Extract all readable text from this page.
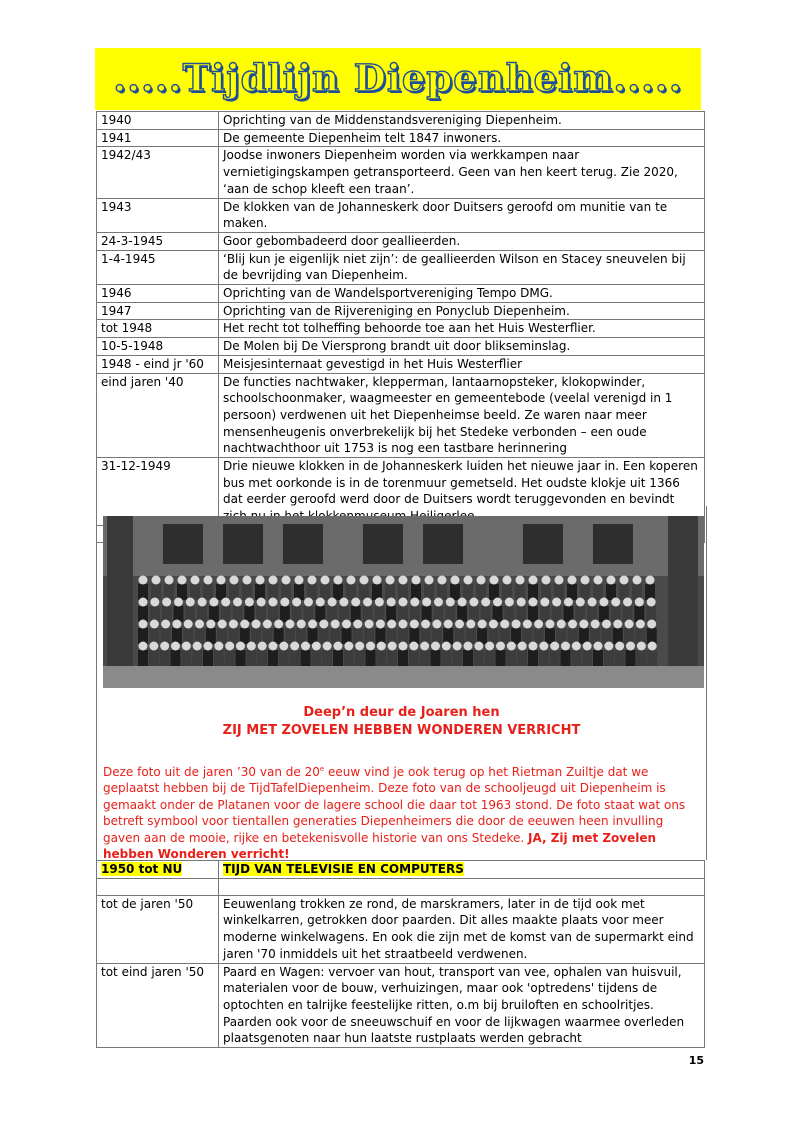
.....Tijdlijn Diepenheim.....
1940	Oprichting van de Middenstandsvereniging Diepenheim.
1941	De gemeente Diepenheim telt 1847 inwoners.
1942/43	Joodse inwoners Diepenheim worden via werkkampen naar vernietigingskampen getransporteerd. Geen van hen keert terug. Zie 2020, ‘aan de schop kleeft een traan’.
1943	De klokken van de Johanneskerk door Duitsers geroofd om munitie van te maken.
24-3-1945	Goor gebombadeerd door geallieerden.
1-4-1945	‘Blij kun je eigenlijk niet zijn’: de geallieerden Wilson en Stacey sneuvelen bij de bevrijding van Diepenheim.
1946	Oprichting van de Wandelsportvereniging Tempo DMG.
1947	Oprichting van de Rijvereniging en Ponyclub Diepenheim.
tot 1948	Het recht tot tolheffing behoorde toe aan het Huis Westerflier.
10-5-1948	De Molen bij De Viersprong brandt uit door blikseminslag.
1948 - eind jr '60	Meisjesinternaat gevestigd in het Huis Westerflier
eind jaren '40	De functies nachtwaker, klepperman, lantaarnopsteker, klokopwinder, schoolschoonmaker, waagmeester en gemeentebode (veelal verenigd in 1 persoon) verdwenen uit het Diepenheimse beeld. Ze waren naar meer mensenheugenis onverbrekelijk bij het Stedeke verbonden – een oude nachtwachthoor uit 1753 is nog een tastbare herinnering
31-12-1949	Drie nieuwe klokken in de Johanneskerk luiden het nieuwe jaar in. Een koperen bus met oorkonde is in de torenmuur gemetseld. Het oudste klokje uit 1366 dat eerder geroofd werd door de Duitsers wordt teruggevonden en bevindt

Deep’n deur de Joaren hen
ZIJ MET ZOVELEN HEBBEN WONDEREN VERRICHT
Deze foto uit de jaren ’30 van de 20e eeuw vind je ook terug op het Rietman Zuiltje dat we geplaatst hebben bij de TijdTafelDiepenheim. Deze foto van de schooljeugd uit Diepenheim is gemaakt onder de Platanen voor de lagere school die daar tot 1963 stond. De foto staat wat ons betreft symbool voor tientallen generaties Diepenheimers die door de eeuwen heen invulling gaven aan de mooie, rijke en betekenisvolle historie van ons Stedeke. JA, Zij met Zovelen hebben Wonderen verricht!
1950 tot NU	TIJD VAN TELEVISIE EN COMPUTERS

tot de jaren '50	Eeuwenlang trokken ze rond, de marskramers, later in de tijd ook met winkelkarren, getrokken door paarden. Dit alles maakte plaats voor meer moderne winkelwagens. En ook die zijn met de komst van de supermarkt eind jaren '70 inmiddels uit het straatbeeld verdwenen.
tot eind jaren '50	Paard en Wagen: vervoer van hout, transport van vee, ophalen van huisvuil, materialen voor de bouw, verhuizingen, maar ook 'optredens' tijdens de optochten en talrijke feestelijke ritten, o.m bij bruiloften en schoolritjes. Paarden ook voor de sneeuwschuif en voor de lijkwagen waarmee overleden plaatsgenoten naar hun laatste rustplaats werden gebracht
15
